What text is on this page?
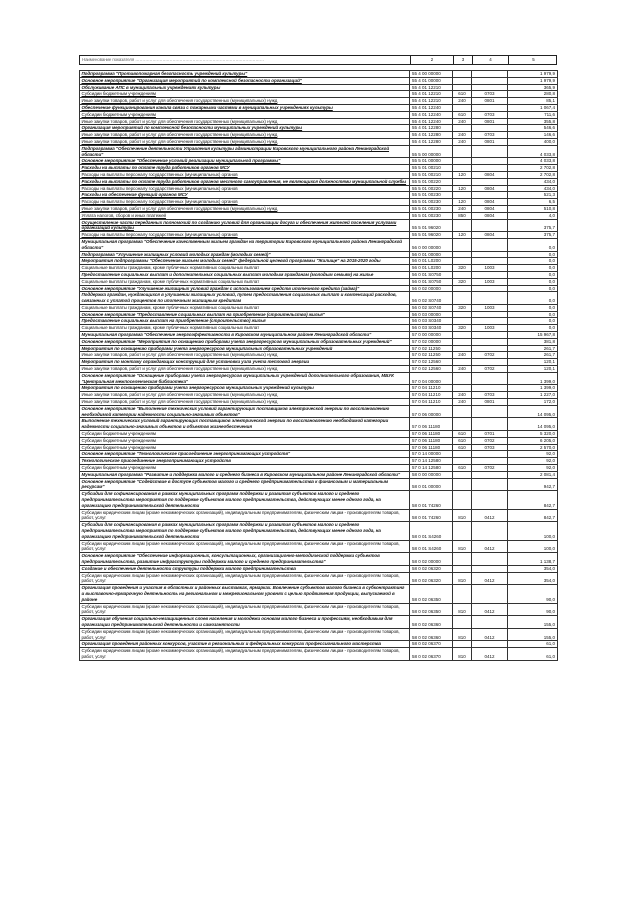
Наименование показателя ………………………………………………………………………………	2	3	4	5
Подпрограмма "Противопожарная безопасность учреждений культуры"	55 4 00 00000			1 979,9
Основное мероприятие "Организация мероприятий по комплексной безопасности организаций"	55 4 01 00000			1 979,9
Обслуживание АПС в муниципальных учреждениях культуры	55 4 01 12210			365,9
Субсидии бюджетным учреждениям	55 4 01 12210	610	0703	280,8
Иные закупки товаров, работ и услуг для обеспечения государственных (муниципальных) нужд	55 4 01 12210	240	0801	85,1
Обеспечение функционирования канала связи с пожарными частями в муниципальных учреждениях культуры	55 4 01 12240			1 067,4
Субсидии бюджетным учреждениям	55 4 01 12240	610	0703	711,6
Иные закупки товаров, работ и услуг для обеспечения государственных (муниципальных) нужд	55 4 01 12240	240	0801	355,8
Организация мероприятий по комплексной безопасности муниципальных учреждений культуры	55 4 01 12280			546,6
Иные закупки товаров, работ и услуг для обеспечения государственных (муниципальных) нужд	55 4 01 12280	240	0703	146,6
Иные закупки товаров, работ и услуг для обеспечения государственных (муниципальных) нужд	55 4 01 12280	240	0801	400,0
Подпрограмма "Обеспечение деятельности Управления культуры администрации Кировского муниципального района Ленинградской области"	55 5 00 00000			4 033,8
Основное мероприятие "Обеспечение условий реализации муниципальной программы"	55 5 01 00000			4 033,8
Расходы на выплаты по оплате труда работников органов МСУ	55 5 01 00210			2 702,8
Расходы на выплаты персоналу государственных (муниципальных) органов	55 5 01 00210	120	0804	2 702,8
Расходы на выплаты по оплате труда работников органов местного самоуправления, не являющихся должностями муниципальной службы	55 5 01 00220			434,0
Расходы на выплаты персоналу государственных (муниципальных) органов	55 5 01 00220	120	0804	434,0
Расходы на обеспечение функций органов МСУ	55 5 01 00230			521,3
Расходы на выплаты персоналу государственных (муниципальных) органов	55 5 01 00230	120	0804	6,5
Иные закупки товаров, работ и услуг для обеспечения государственных (муниципальных) нужд	55 5 01 00230	240	0804	510,8
Уплата налогов, сборов и иных платежей	55 5 01 00230	850	0804	4,0
Осуществление части переданных полномочий по созданию условий для организации досуга и обеспечения жителей поселения услугами организаций культуры	55 5 01 96020			375,7
Расходы на выплаты персоналу государственных (муниципальных) органов	55 5 01 96020	120	0804	375,7
Муниципальная программа "Обеспечение качественным жильем граждан на территории Кировского муниципального района Ленинградской области"	56 0 00 00000			0,0
Подпрограмма "Улучшение жилищных условий молодых граждан (молодых семей)"	56 0 01 00000			0,0
Мероприятия подпрограммы "Обеспечение жильем молодых семей" федеральной целевой программы "Жилище" на 2015-2020 годы	56 0 01 L0200			0,0
Социальные выплаты гражданам, кроме публичных нормативных социальных выплат	56 0 01 L0200	320	1003	0,0
Предоставление социальных выплат и дополнительных социальных выплат молодым гражданам (молодым семьям) на жилье	56 0 01 S0750			0,0
Социальные выплаты гражданам, кроме публичных нормативных социальных выплат	56 0 01 S0750	320	1003	0,0
Основное мероприятие "Улучшение жилищных условий граждан с использованием средств ипотечного кредита (займа)"	56 0 02 00000			0,0
Поддержка граждан, нуждающихся в улучшении жилищных условий, путем предоставления социальных выплат и компенсаций расходов, связанных с уплатой процентов по ипотечным жилищным кредитам	56 0 02 S0740			0,0
Социальные выплаты гражданам, кроме публичных нормативных социальных выплат	56 0 02 S0740	320	1003	0,0
Основное мероприятие "Предоставление социальных выплат на приобретение (строительство) жилья"	56 0 03 00000			0,0
Предоставление социальных выплат на приобретение (строительство) жилья	56 0 03 S0340			0,0
Социальные выплаты гражданам, кроме публичных нормативных социальных выплат	56 0 03 S0340	320	1003	0,0
Муниципальная программа "Обеспечение энергоэффективности в Кировском муниципальном районе Ленинградской области"	57 0 00 00000			15 967,8
Основное мероприятие "Мероприятия по оснащению приборами учета энергоресурсов муниципальных образовательных учреждений"	57 0 02 00000			381,8
Мероприятия по оснащению приборами учета энергоресурсов муниципальных образовательных учреждений	57 0 02 11250			261,7
Иные закупки товаров, работ и услуг для обеспечения государственных (муниципальных) нужд	57 0 02 11250	240	0702	261,7
Мероприятия по монтажу ограждающих конструкций для установки узла учета тепловой энергии	57 0 02 12560			120,1
Иные закупки товаров, работ и услуг для обеспечения государственных (муниципальных) нужд	57 0 02 12560	240	0702	120,1
Основное мероприятие "Оснащение приборами учета энергоресурсов муниципальных учреждений дополнительного образования, МБУК "Центральная межпоселенческая библиотека"	57 0 04 00000			1 399,0
Мероприятия по оснащению приборами учета энергоресурсов муниципальных учреждений культуры	57 0 04 11210			1 399,0
Иные закупки товаров, работ и услуг для обеспечения государственных (муниципальных) нужд	57 0 04 11210	240	0703	1 227,0
Иные закупки товаров, работ и услуг для обеспечения государственных (муниципальных) нужд	57 0 04 11210	240	0801	172,0
Основное мероприятие "Выполнение технических условий гарантирующих поставщиков электрической энергии по восстановлению необходимой категории надежности социально-значимых объектов"	57 0 06 00000			14 095,0
Выполнение технических условий гарантирующих поставщиков электрической энергии по восстановлению необходимой категории надежности социально-значимых объектов и объектов жизнеобеспечения	57 0 06 11180			14 095,0
Субсидии бюджетным учреждениям	57 0 06 11180	610	0701	5 320,0
Субсидии бюджетным учреждениям	57 0 06 11180	610	0702	6 205,0
Субсидии бюджетным учреждениям	57 0 06 11180	610	0703	2 570,0
Основное мероприятие "Технологическое присоединение энергопринимающих устройств"	57 0 14 00000			92,0
Технологическое присоединение энергопринимающих устройств	57 0 14 12580			92,0
Субсидии бюджетным учреждениям	57 0 14 12580	610	0702	92,0
Муниципальная программа "Развитие и поддержка малого и среднего бизнеса в Кировском муниципальном районе Ленинградской области"	58 0 00 00000			2 081,4
Основное мероприятие "Содействие в доступе субъектов малого и среднего предпринимательства к финансовым и материальным ресурсам"	58 0 01 00000			942,7
Субсидии для софинансирования в рамках муниципальных программ поддержки и развития субъектов малого и среднего предпринимательства мероприятия по поддержке субъектов малого предпринимательства, действующих менее одного года, на организацию предпринимательской деятельности	58 0 01 74260			842,7
Субсидии юридическим лицам (кроме некоммерческих организаций), индивидуальным предпринимателям, физическим лицам - производителям товаров, работ, услуг	58 0 01 74260	810	0412	842,7
Субсидии для софинансирования в рамках муниципальных программ поддержки и развития субъектов малого и среднего предпринимательства мероприятия по поддержке субъектов малого предпринимательства, действующих менее одного года, на организацию предпринимательской деятельности	58 0 01 S4260			100,0
Субсидии юридическим лицам (кроме некоммерческих организаций), индивидуальным предпринимателям, физическим лицам - производителям товаров, работ, услуг	58 0 01 S4260	810	0412	100,0
Основное мероприятие "Обеспечение информационных, консультационных, организационно-методической поддержки субъектов предпринимательства, развитие инфраструктуры поддержки малого и среднего предпринимательства"	58 0 02 00000			1 138,7
Создание и обеспечение деятельности структуры поддержки малого предпринимательства	58 0 02 06320			354,0
Субсидии юридическим лицам (кроме некоммерческих организаций), индивидуальным предпринимателям, физическим лицам - производителям товаров, работ, услуг	58 0 02 06320	810	0412	354,0
Организация проведения и участия в областных и районных выставках, ярмарках. Вовлечение субъектов малого бизнеса в субконтрактинг и выставочно-ярмарочную деятельность на региональном и межрегиональном уровнях с целью продвижения продукции, выпускаемой в районе	58 0 02 06350			90,0
Субсидии юридическим лицам (кроме некоммерческих организаций), индивидуальным предпринимателям, физическим лицам - производителям товаров, работ, услуг	58 0 02 06350	810	0412	90,0
Организация обучения социально-незащищенных слоев населения и молодежи основам малого бизнеса и профессиям, необходимым для организации предпринимательской деятельности и самозанятости	58 0 02 06360			155,0
Субсидии юридическим лицам (кроме некоммерческих организаций), индивидуальным предпринимателям, физическим лицам - производителям товаров, работ, услуг	58 0 02 06360	810	0412	155,0
Организация проведения районных конкурсов, участие в региональных и федеральных конкурсах профессионального мастерства	58 0 02 06370			61,0
Субсидии юридическим лицам (кроме некоммерческих организаций), индивидуальным предпринимателям, физическим лицам - производителям товаров, работ, услуг	58 0 02 06370	810	0412	61,0
